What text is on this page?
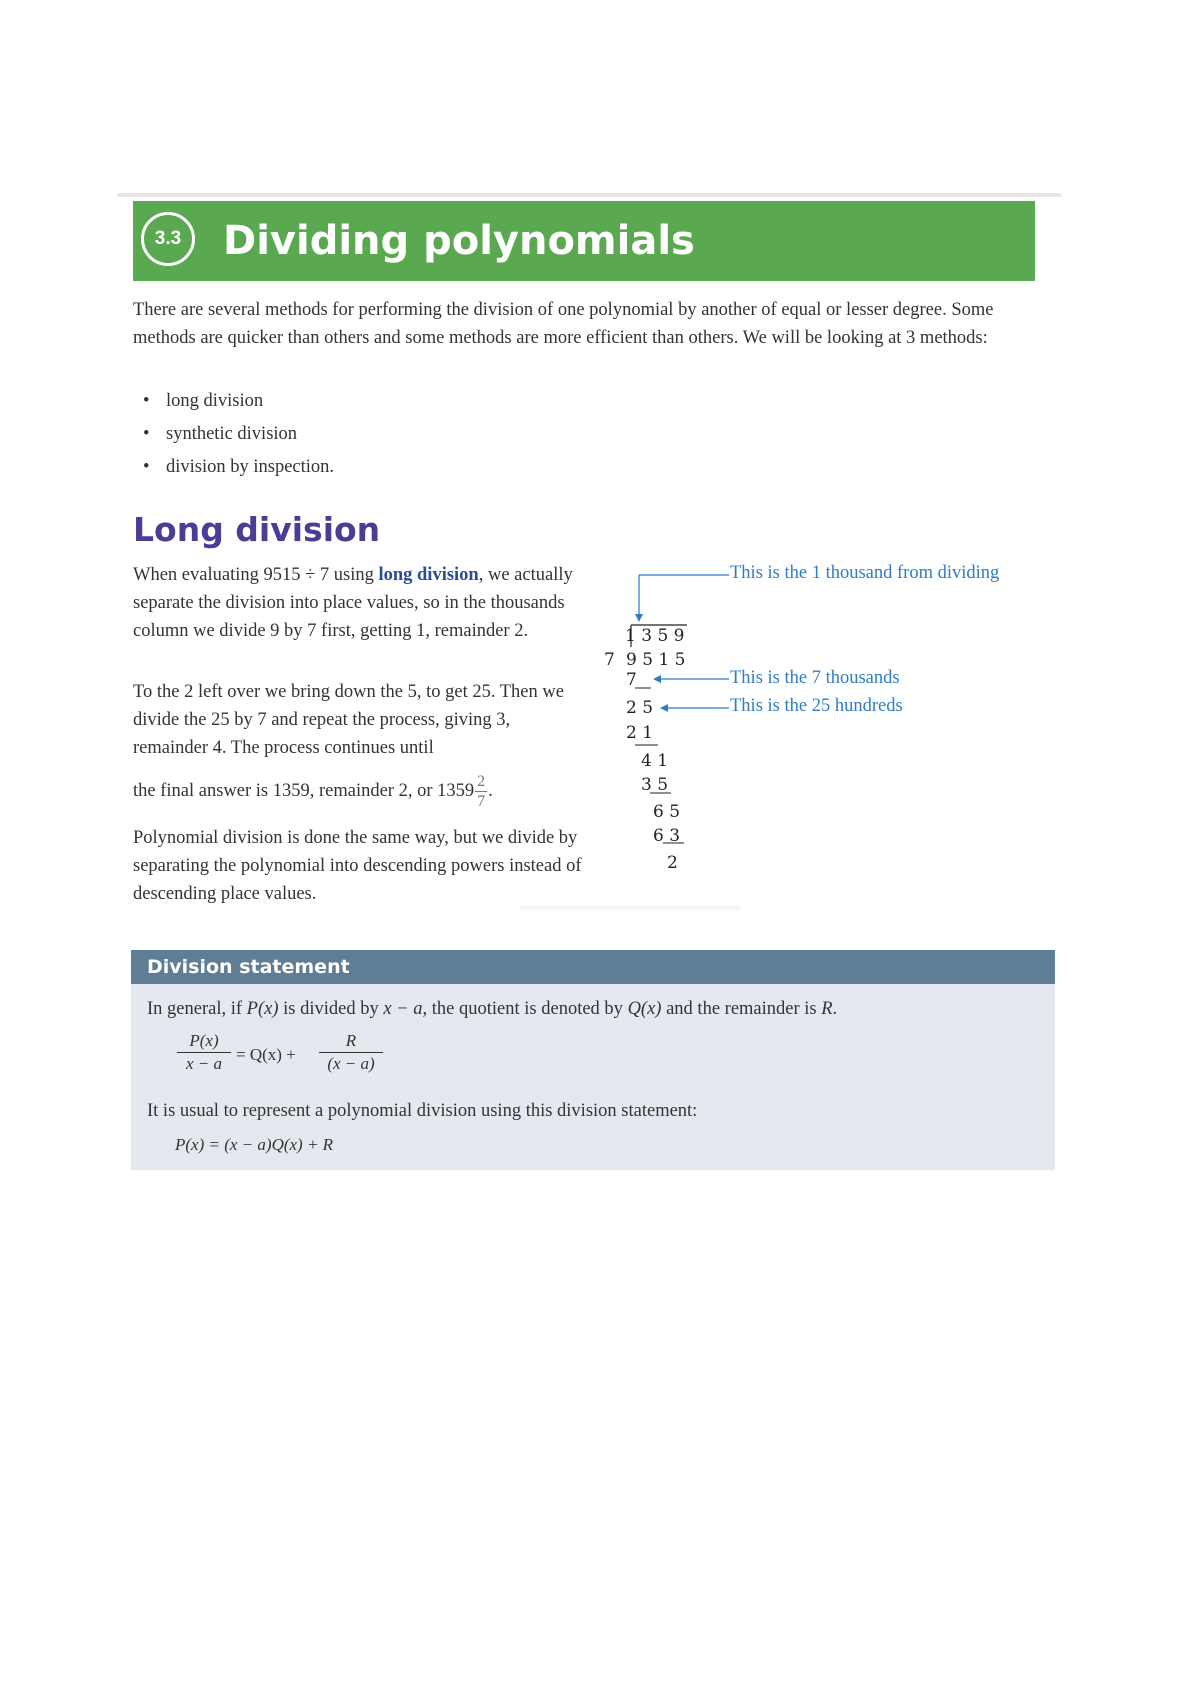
3.3	Dividing polynomials
There are several methods for performing the division of one polynomial by another of equal or lesser degree. Some methods are quicker than others and some methods are more efficient than others. We will be looking at 3 methods:
• long division
• synthetic division
• division by inspection.
Long division
When evaluating 9515 ÷ 7 using long division, we actually separate the division into place values, so in the thousands column we divide 9 by 7 first, getting 1, remainder 2.
To the 2 left over we bring down the 5, to get 25. Then we divide the 25 by 7 and repeat the process, giving 3, remainder 4. The process continues until
the final answer is 1359, remainder 2, or $1359 \frac{2}{7}$ .
Polynomial division is done the same way, but we divide by separating the polynomial into descending powers instead of descending place values.
This is the 1 thousand from dividing
This is the 7 thousands
This is the 25 hundreds
1 3 5 9
7 9 5 1 5
7
2 5
2 1
4 1
3 5
6 5
6 3
2
Division statement
In general, if P(x) is divided by x − a, the quotient is denoted by Q(x) and the remainder is R.
$\frac{P(x)}{x - a} = Q(x) + \frac{R}{(x - a)}$
It is usual to represent a polynomial division using this division statement:
P(x) = (x − a)Q(x) + R
